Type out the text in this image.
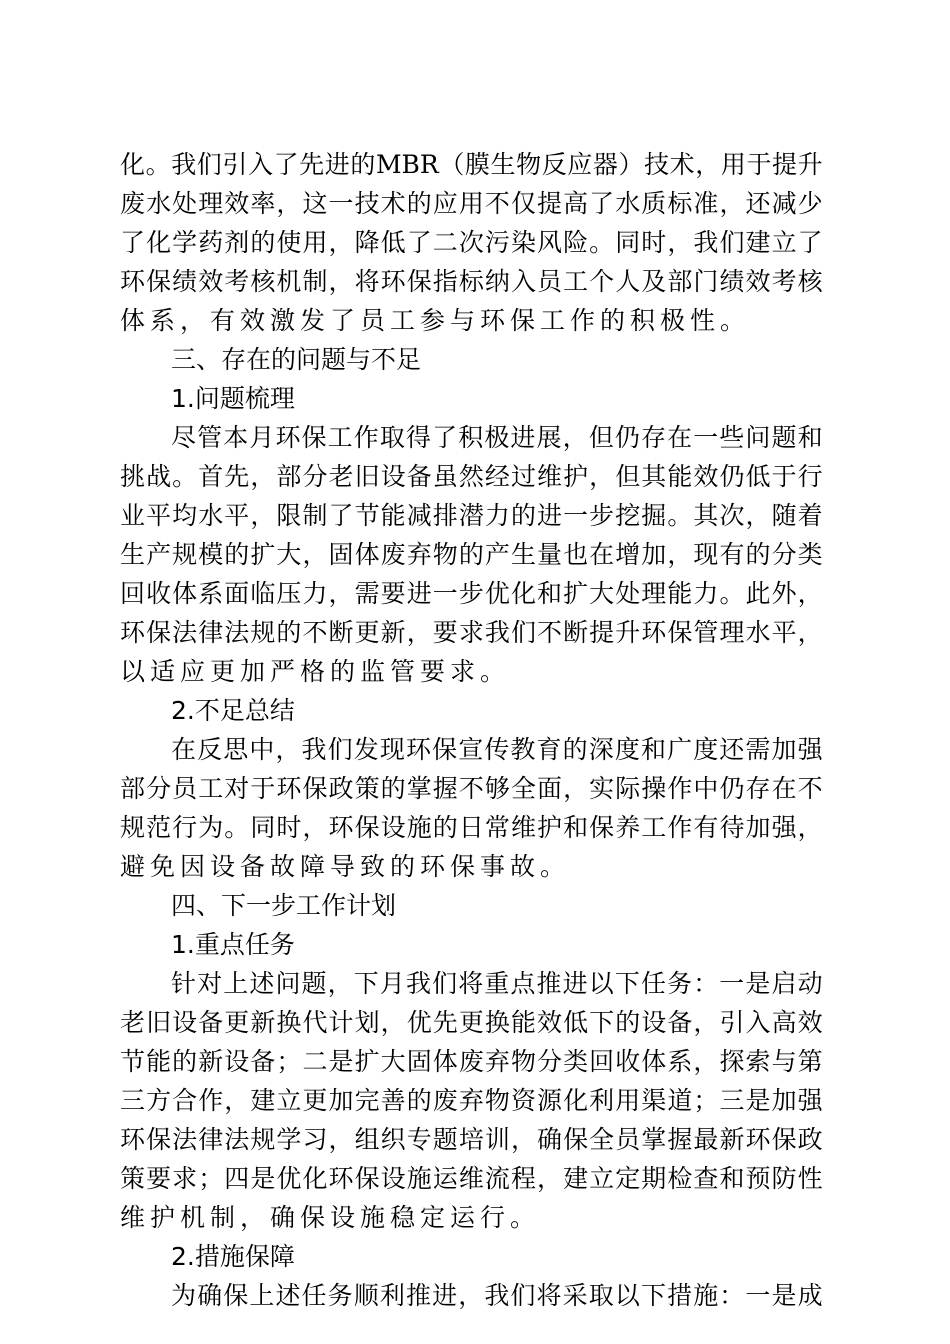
化 。 我 们 引 入 了 先 进 的 MBR （ 膜 生 物 反 应 器 ） 技 术 ， 用 于 提 升
废 水 处 理 效 率 ， 这 一 技 术 的 应 用 不 仅 提 高 了 水 质 标 准 ， 还 减 少
了 化 学 药 剂 的 使 用 ， 降 低 了 二 次 污 染 风 险 。 同 时 ， 我 们 建 立 了
环 保 绩 效 考 核 机 制 ， 将 环 保 指 标 纳 入 员 工 个 人 及 部 门 绩 效 考 核
体系，有效激发了员工参与环保工作的积极性。
三、存在的问题与不足
1.问题梳理
尽 管 本 月 环 保 工 作 取 得 了 积 极 进 展 ， 但 仍 存 在 一 些 问 题 和
挑 战 。 首 先 ， 部 分 老 旧 设 备 虽 然 经 过 维 护 ， 但 其 能 效 仍 低 于 行
业 平 均 水 平 ， 限 制 了 节 能 减 排 潜 力 的 进 一 步 挖 掘 。 其 次 ， 随 着
生 产 规 模 的 扩 大 ， 固 体 废 弃 物 的 产 生 量 也 在 增 加 ， 现 有 的 分 类
回 收 体 系 面 临 压 力 ， 需 要 进 一 步 优 化 和 扩 大 处 理 能 力 。 此 外 ，
环 保 法 律 法 规 的 不 断 更 新 ， 要 求 我 们 不 断 提 升 环 保 管 理 水 平 ，
以适应更加严格的监管要求。
2.不足总结
在 反 思 中 ， 我 们 发 现 环 保 宣 传 教 育 的 深 度 和 广 度 还 需 加 强
部 分 员 工 对 于 环 保 政 策 的 掌 握 不 够 全 面 ， 实 际 操 作 中 仍 存 在 不
规 范 行 为 。 同 时 ， 环 保 设 施 的 日 常 维 护 和 保 养 工 作 有 待 加 强 ，
避免因设备故障导致的环保事故。
四、下一步工作计划
1.重点任务
针 对 上 述 问 题 ， 下 月 我 们 将 重 点 推 进 以 下 任 务 ： 一 是 启 动
老 旧 设 备 更 新 换 代 计 划 ， 优 先 更 换 能 效 低 下 的 设 备 ， 引 入 高 效
节 能 的 新 设 备 ； 二 是 扩 大 固 体 废 弃 物 分 类 回 收 体 系 ， 探 索 与 第
三 方 合 作 ， 建 立 更 加 完 善 的 废 弃 物 资 源 化 利 用 渠 道 ； 三 是 加 强
环 保 法 律 法 规 学 习 ， 组 织 专 题 培 训 ， 确 保 全 员 掌 握 最 新 环 保 政
策 要 求 ； 四 是 优 化 环 保 设 施 运 维 流 程 ， 建 立 定 期 检 查 和 预 防 性
维护机制，确保设施稳定运行。
2.措施保障
为 确 保 上 述 任 务 顺 利 推 进 ， 我 们 将 采 取 以 下 措 施 ： 一 是 成
